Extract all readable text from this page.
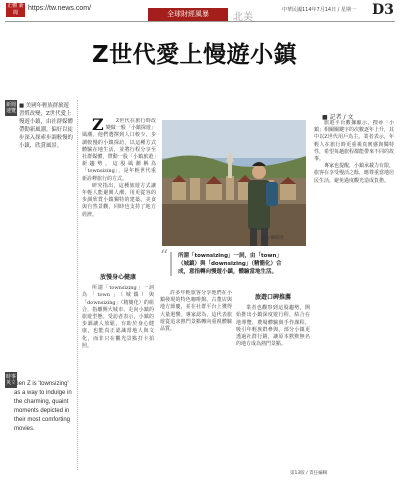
正體 新聞
https://tw.news.com/
全球財經風暴	北美
中華民國114年7月14日 / 星期一 D3
Z世代愛上慢遊小鎮
■ 記者 / 文
新聞速覽
■ 美國年輕族群旅遊習慣改變，Z世代愛上慢遊小鎮，由社群媒體帶動新風潮。偏好以徒步深入探索步調較慢的小鎮，欣賞風景。
時事英文
Gen Z is 'townsizing' as a way to indulge in the charming, quaint moments depicted in their most comforting movies.

Z Z世代在旅行時改變做一般「小鎮探遊」風潮。他們選擇到人口較少、步調較慢的小鎮探訪，以這種方式體驗在地生活，並將行程分享至社群媒體，帶動一股「小鎮旅遊」新趨勢。這股風潮稱為「townsizing」，是年輕世代重新詮釋旅行的方式。

研究指出，這種旅遊方式讓年輕人能避開人潮，用更從容的步調欣賞小鎮獨特的建築、美食與自然景觀，同時也支持了地方經濟。

圖 / 網路社
“	所謂「townsizing」一詞，由「town」（城鎮）與「downsizing」（精簡化）合成，意指轉向慢遊小鎮，體驗當地生活。

放慢身心健康

所謂「townsizing」一詞為「town」（城鎮）與「downsizing」（精簡化）的組合，指離開大城市、走向小鎮的旅遊型態。受訪者表示，小鎮的步調讓人放鬆，有助於身心健康，也能真正認識當地人與文化，而非只在觀光景點打卡拍照。

許多年輕旅客分享他們在小鎮發現的特色咖啡館、古董店與地方節慶，並在社群平台上獲得大量迴響。專家認為，這代表旅遊從追求熱門景點轉向重視體驗品質。

旅遊口碑推薦

業者也觀察到這股趨勢，開始推出小鎮深度遊行程，結合在地導覽、農場體驗與手作課程，吸引年輕族群參與。部分小鎮更透過社群行銷，讓原本默默無名的地方成為熱門景點。

旅遊平台數據顯示，搜尋「小鎮」相關關鍵字的次數逐年上升，其中以Z世代用戶為主。業者表示，年輕人在旅行時更重視真實感與獨特性，希望每趟旅程都能帶來不同的故事。

專家也提醒，小鎮承載力有限，旅客在享受慢活之餘，應尊重當地居民生活，避免過度觀光造成負擔。

第13版 / 責任編輯
